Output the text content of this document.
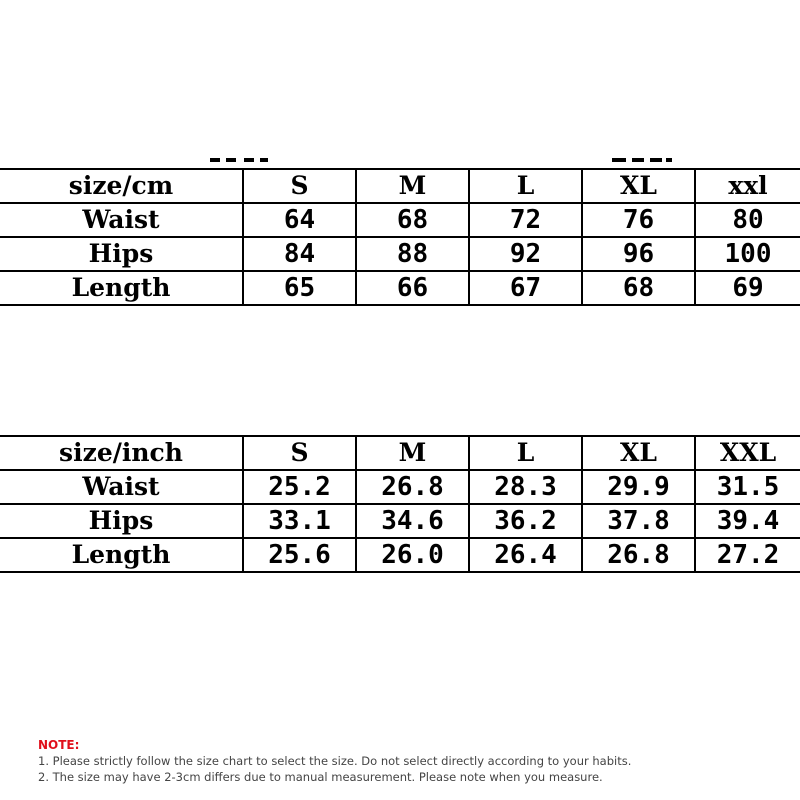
size/cm	S	M	L	XL	xxl
Waist	64	68	72	76	80
Hips	84	88	92	96	100
Length	65	66	67	68	69
size/inch	S	M	L	XL	XXL
Waist	25.2	26.8	28.3	29.9	31.5
Hips	33.1	34.6	36.2	37.8	39.4
Length	25.6	26.0	26.4	26.8	27.2
NOTE:
1. Please strictly follow the size chart to select the size. Do not select directly according to your habits.
2. The size may have 2-3cm differs due to manual measurement. Please note when you measure.
